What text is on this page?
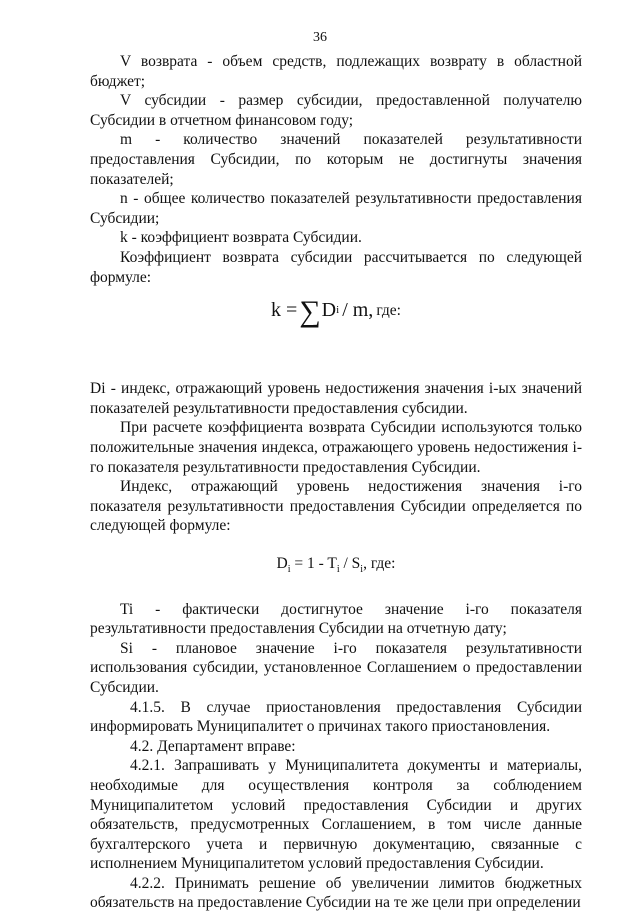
36

V возврата - объем средств, подлежащих возврату в областной бюджет;

V субсидии - размер субсидии, предоставленной получателю Субсидии в отчетном финансовом году;

m - количество значений показателей результативности предоставления Субсидии, по которым не достигнуты значения показателей;

n - общее количество показателей результативности предоставления Субсидии;

k - коэффициент возврата Субсидии.

Коэффициент возврата субсидии рассчитывается по следующей формуле:

k = ∑ D i / m, где:

Di - индекс, отражающий уровень недостижения значения i-ых значений показателей результативности предоставления субсидии.

При расчете коэффициента возврата Субсидии используются только положительные значения индекса, отражающего уровень недостижения i-го показателя результативности предоставления Субсидии.

Индекс, отражающий уровень недостижения значения i-го показателя результативности предоставления Субсидии определяется по следующей формуле:

$D_i = 1 - T_i / S_i$, где:

Ti - фактически достигнутое значение i-го показателя результативности предоставления Субсидии на отчетную дату;

Si - плановое значение i-го показателя результативности использования субсидии, установленное Соглашением о предоставлении Субсидии.

4.1.5. В случае приостановления предоставления Субсидии информировать Муниципалитет о причинах такого приостановления.

4.2. Департамент вправе:

4.2.1. Запрашивать у Муниципалитета документы и материалы, необходимые для осуществления контроля за соблюдением Муниципалитетом условий предоставления Субсидии и других обязательств, предусмотренных Соглашением, в том числе данные бухгалтерского учета и первичную документацию, связанные с исполнением Муниципалитетом условий предоставления Субсидии.

4.2.2. Принимать решение об увеличении лимитов бюджетных обязательств на предоставление Субсидии на те же цели при определении
